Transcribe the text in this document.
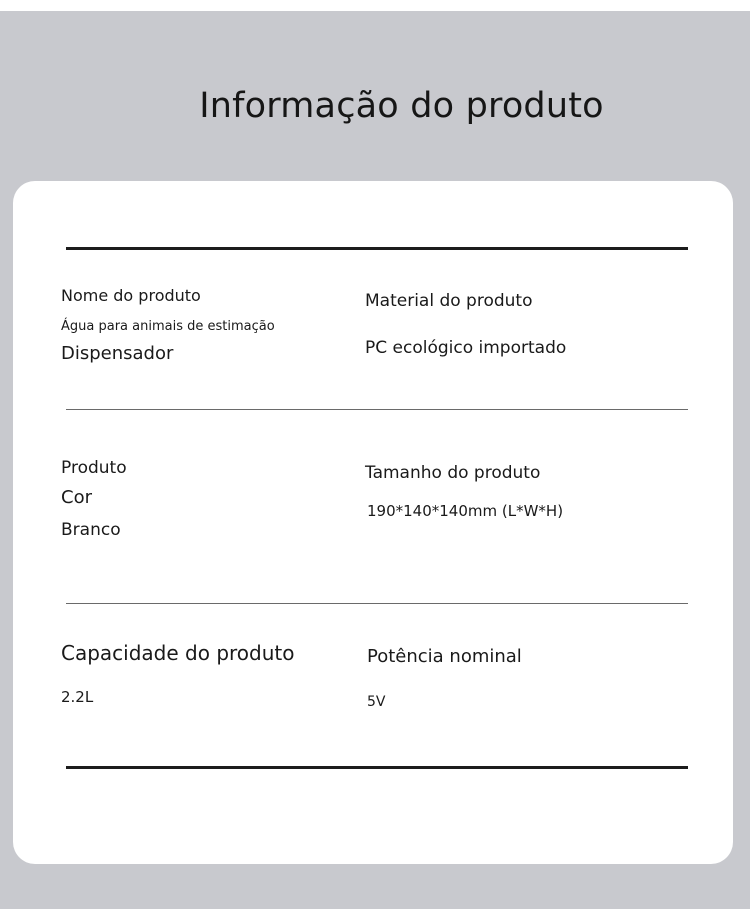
Informação do produto
Nome do produto
Água para animais de estimação
Dispensador
Material do produto
PC ecológico importado
Produto
Cor
Branco
Tamanho do produto
190*140*140mm (L*W*H)
Capacidade do produto
2.2L
Potência nominal
5V
